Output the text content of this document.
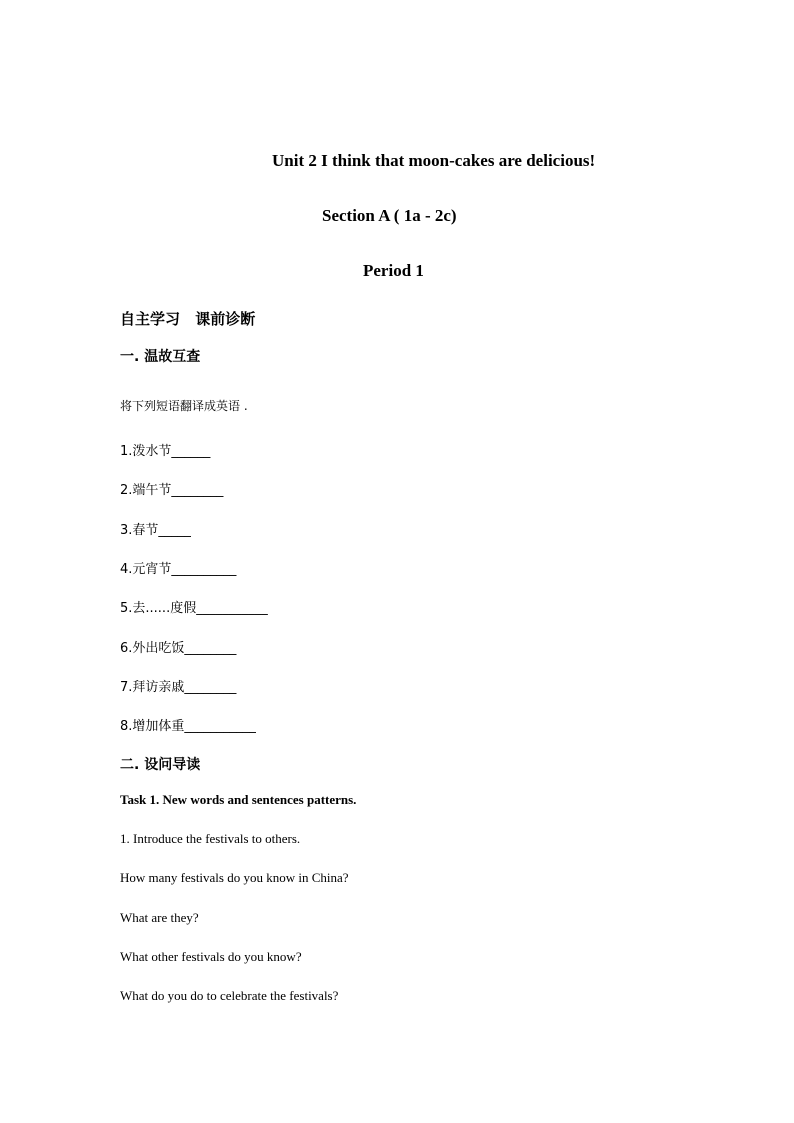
Unit 2 I think that moon-cakes are delicious!
Section A ( 1a - 2c)
Period 1
自主学习 课前诊断
一. 温故互查
将下列短语翻译成英语 .
1.泼水节______
2.端午节________
3.春节_____
4.元宵节__________
5.去......度假___________
6.外出吃饭________
7.拜访亲戚________
8.增加体重___________
二. 设问导读
Task 1. New words and sentences patterns.
1. Introduce the festivals to others.
How many festivals do you know in China?
What are they?
What other festivals do you know?
What do you do to celebrate the festivals?
